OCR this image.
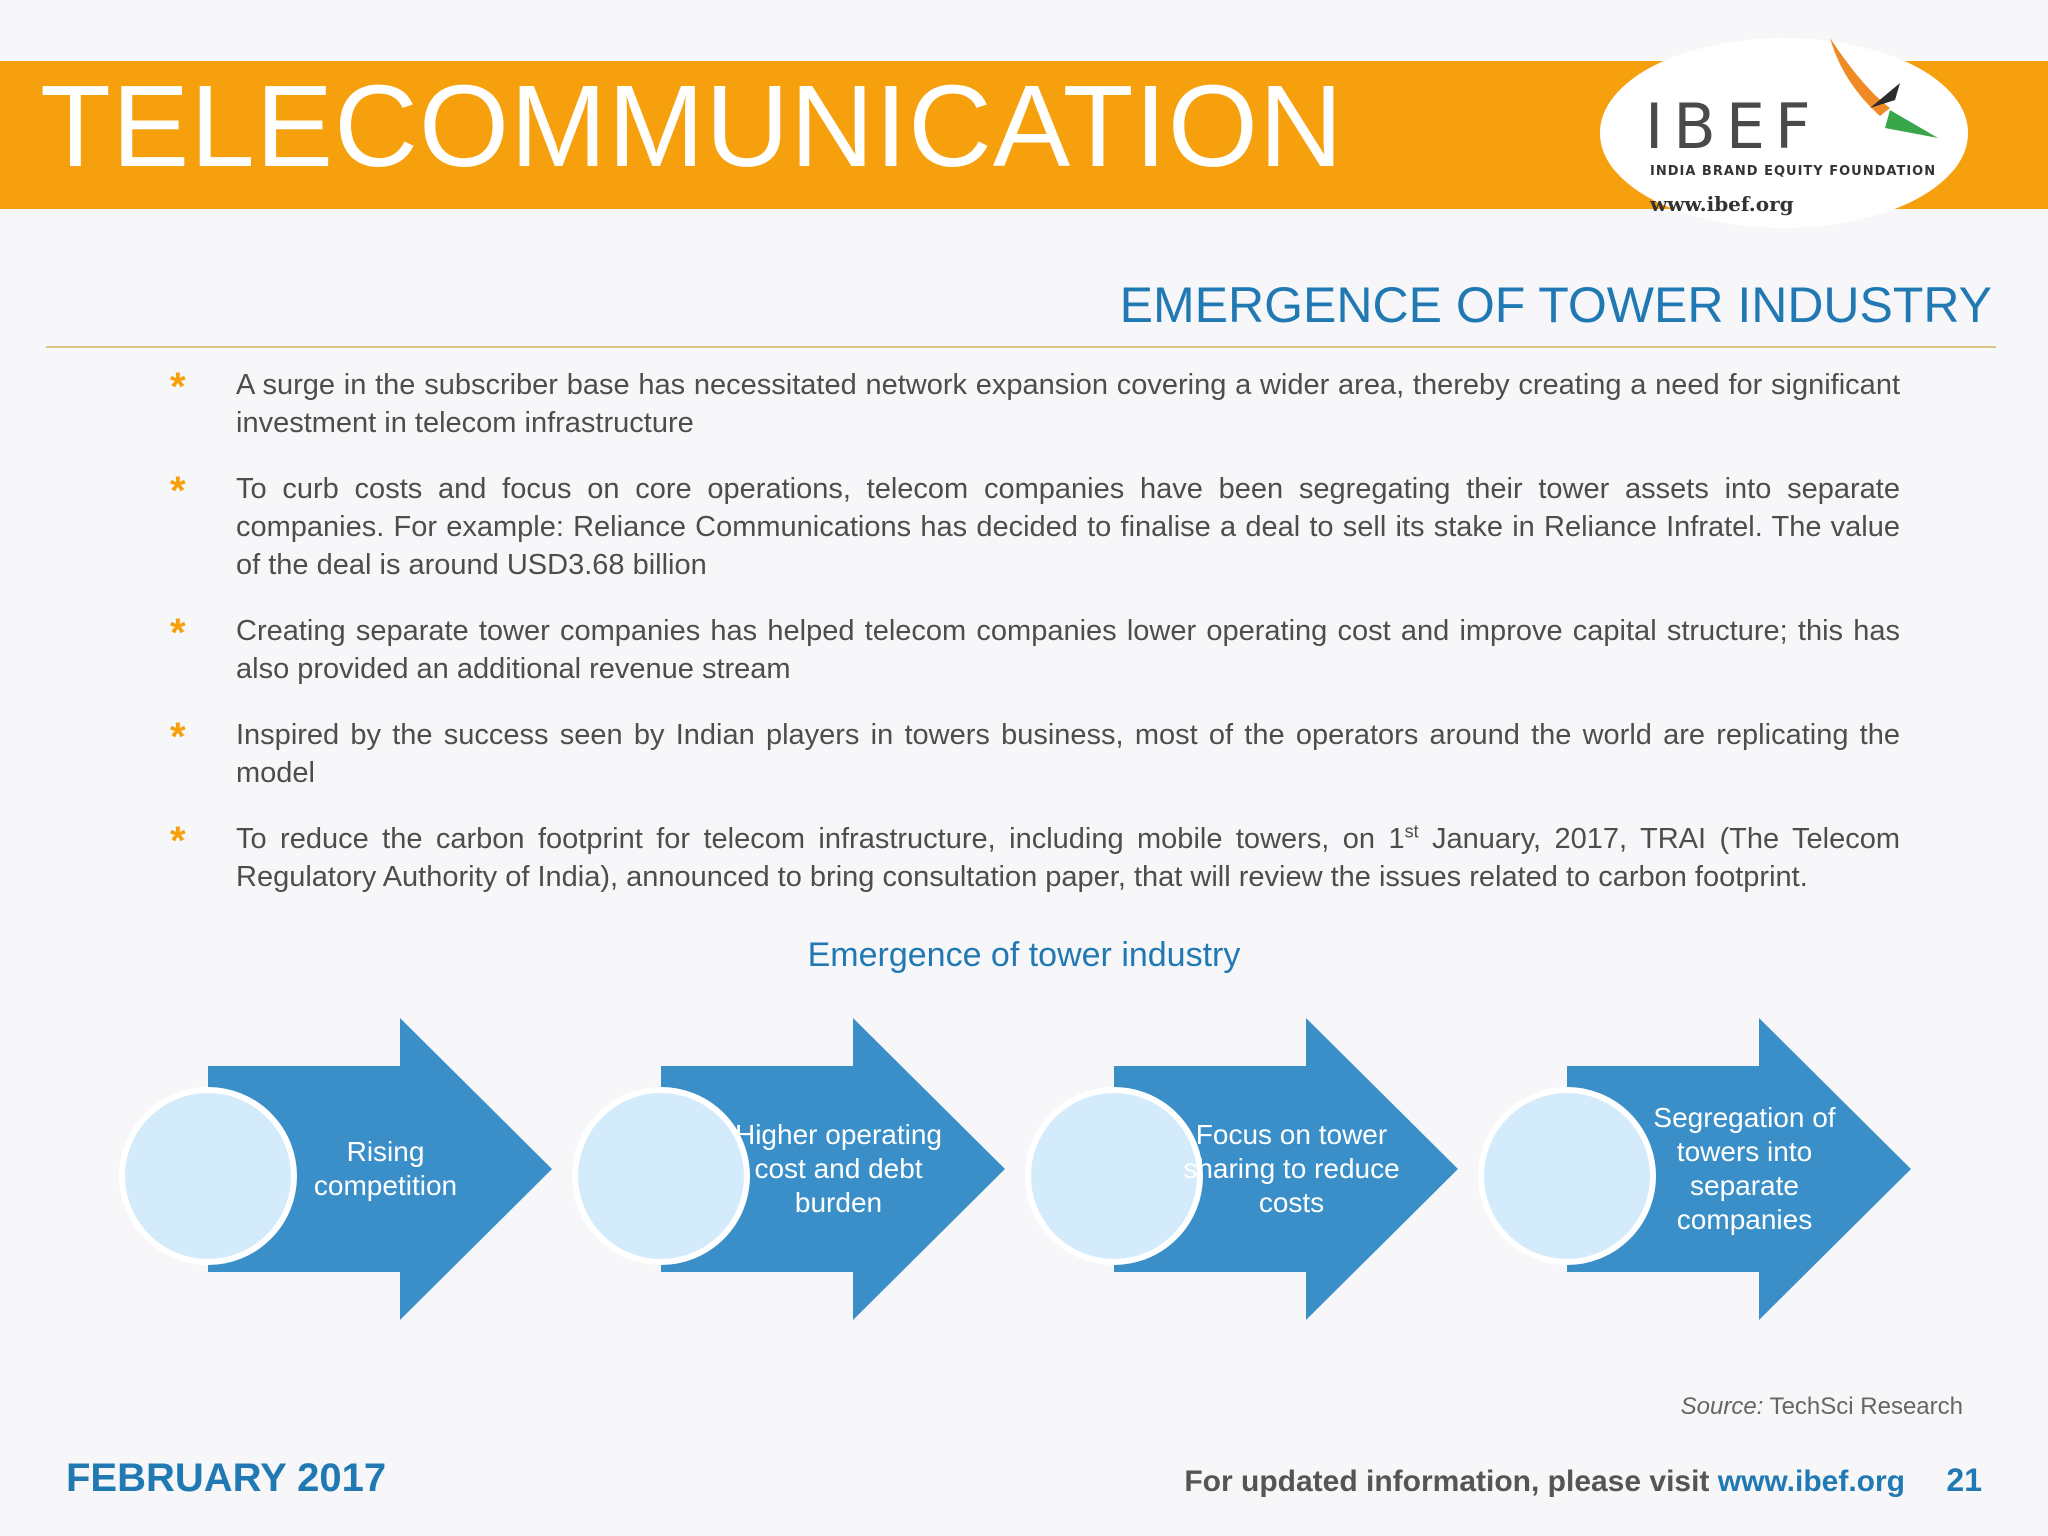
TELECOMMUNICATION	IBEF
INDIA BRAND EQUITY FOUNDATION
www.ibef.org
EMERGENCE OF TOWER INDUSTRY
* A surge in the subscriber base has necessitated network expansion covering a wider area, thereby creating a need for significant investment in telecom infrastructure
* To curb costs and focus on core operations, telecom companies have been segregating their tower assets into separate companies. For example: Reliance Communications has decided to finalise a deal to sell its stake in Reliance Infratel. The value of the deal is around USD3.68 billion
* Creating separate tower companies has helped telecom companies lower operating cost and improve capital structure; this has also provided an additional revenue stream
* Inspired by the success seen by Indian players in towers business, most of the operators around the world are replicating the model
* To reduce the carbon footprint for telecom infrastructure, including mobile towers, on 1st January, 2017, TRAI (The Telecom Regulatory Authority of India), announced to bring consultation paper, that will review the issues related to carbon footprint.
Emergence of tower industry
Rising competition
Higher operating cost and debt burden
Focus on tower sharing to reduce costs
Segregation of towers into separate companies
Source: TechSci Research
FEBRUARY 2017	For updated information, please visit www.ibef.org 21
